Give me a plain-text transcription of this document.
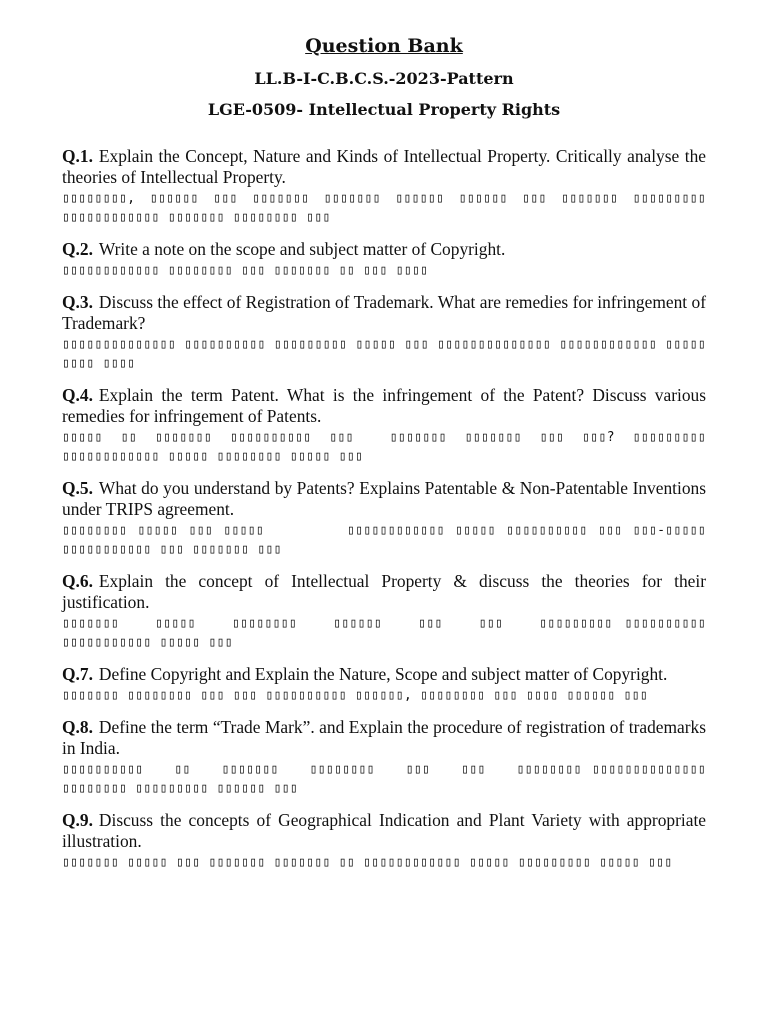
Question Bank
LL.B-I-C.B.C.S.-2023-Pattern
LGE-0509- Intellectual Property Rights

Q.1. Explain the Concept, Nature and Kinds of Intellectual Property. Critically analyse the theories of Intellectual Property.

▯▯▯▯▯▯▯▯, ▯▯▯▯▯▯ ▯▯▯ ▯▯▯▯▯▯▯ ▯▯▯▯▯▯▯ ▯▯▯▯▯▯ ▯▯▯▯▯▯ ▯▯▯ ▯▯▯▯▯▯▯ ▯▯▯▯▯▯▯▯▯ ▯▯▯▯▯▯▯▯▯▯▯▯ ▯▯▯▯▯▯▯ ▯▯▯▯▯▯▯▯ ▯▯▯

Q.2. Write a note on the scope and subject matter of Copyright.

▯▯▯▯▯▯▯▯▯▯▯▯ ▯▯▯▯▯▯▯▯ ▯▯▯ ▯▯▯▯▯▯▯ ▯▯ ▯▯▯ ▯▯▯▯

Q.3. Discuss the effect of Registration of Trademark. What are remedies for infringement of Trademark?

▯▯▯▯▯▯▯▯▯▯▯▯▯▯ ▯▯▯▯▯▯▯▯▯▯ ▯▯▯▯▯▯▯▯▯ ▯▯▯▯▯ ▯▯▯ ▯▯▯▯▯▯▯▯▯▯▯▯▯▯ ▯▯▯▯▯▯▯▯▯▯▯▯ ▯▯▯▯▯ ▯▯▯▯ ▯▯▯▯

Q.4. Explain the term Patent. What is the infringement of the Patent? Discuss various remedies for infringement of Patents.

▯▯▯▯▯ ▯▯ ▯▯▯▯▯▯▯ ▯▯▯▯▯▯▯▯▯▯ ▯▯▯  ▯▯▯▯▯▯▯ ▯▯▯▯▯▯▯ ▯▯▯ ▯▯▯? ▯▯▯▯▯▯▯▯▯ ▯▯▯▯▯▯▯▯▯▯▯▯ ▯▯▯▯▯ ▯▯▯▯▯▯▯▯ ▯▯▯▯▯ ▯▯▯

Q.5. What do you understand by Patents? Explains Patentable & Non-Patentable Inventions under TRIPS agreement.

▯▯▯▯▯▯▯▯ ▯▯▯▯▯ ▯▯▯ ▯▯▯▯▯        ▯▯▯▯▯▯▯▯▯▯▯▯ ▯▯▯▯▯ ▯▯▯▯▯▯▯▯▯▯ ▯▯▯ ▯▯▯-▯▯▯▯▯ ▯▯▯▯▯▯▯▯▯▯▯ ▯▯▯ ▯▯▯▯▯▯▯ ▯▯▯

Q.6. Explain the concept of Intellectual Property & discuss the theories for their justification.

▯▯▯▯▯▯▯   ▯▯▯▯▯   ▯▯▯▯▯▯▯▯   ▯▯▯▯▯▯   ▯▯▯   ▯▯▯   ▯▯▯▯▯▯▯▯▯ ▯▯▯▯▯▯▯▯▯▯ ▯▯▯▯▯▯▯▯▯▯▯ ▯▯▯▯▯ ▯▯▯

Q.7. Define Copyright and Explain the Nature, Scope and subject matter of Copyright.

▯▯▯▯▯▯▯ ▯▯▯▯▯▯▯▯ ▯▯▯ ▯▯▯ ▯▯▯▯▯▯▯▯▯▯ ▯▯▯▯▯▯, ▯▯▯▯▯▯▯▯ ▯▯▯ ▯▯▯▯ ▯▯▯▯▯▯ ▯▯▯

Q.8. Define the term “Trade Mark”. and Explain the procedure of registration of trademarks in India.

▯▯▯▯▯▯▯▯▯▯   ▯▯   ▯▯▯▯▯▯▯   ▯▯▯▯▯▯▯▯   ▯▯▯   ▯▯▯   ▯▯▯▯▯▯▯▯ ▯▯▯▯▯▯▯▯▯▯▯▯▯▯ ▯▯▯▯▯▯▯▯ ▯▯▯▯▯▯▯▯▯ ▯▯▯▯▯▯ ▯▯▯

Q.9. Discuss the concepts of Geographical Indication and Plant Variety with appropriate illustration.

▯▯▯▯▯▯▯ ▯▯▯▯▯ ▯▯▯ ▯▯▯▯▯▯▯ ▯▯▯▯▯▯▯ ▯▯ ▯▯▯▯▯▯▯▯▯▯▯▯ ▯▯▯▯▯ ▯▯▯▯▯▯▯▯▯ ▯▯▯▯▯ ▯▯▯
